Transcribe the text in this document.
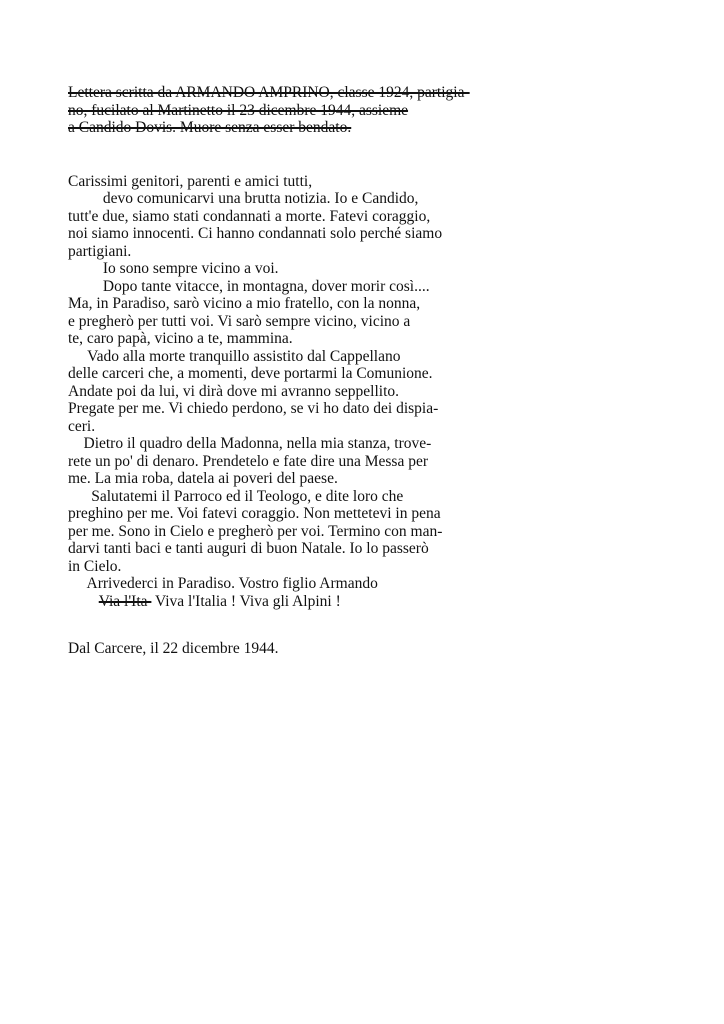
Lettera scritta da ARMANDO AMPRINO, classe 1924, partigia-
no, fucilato al Martinetto il 23 dicembre 1944, assieme
a Candido Dovis. Muore senza esser bendato.
Carissimi genitori, parenti e amici tutti,
devo comunicarvi una brutta notizia. Io e Candido,
tutt'e due, siamo stati condannati a morte. Fatevi coraggio,
noi siamo innocenti. Ci hanno condannati solo perché siamo
partigiani.
Io sono sempre vicino a voi.
Dopo tante vitacce, in montagna, dover morir così....
Ma, in Paradiso, sarò vicino a mio fratello, con la nonna,
e pregherò per tutti voi. Vi sarò sempre vicino, vicino a
te, caro papà, vicino a te, mammina.
Vado alla morte tranquillo assistito dal Cappellano
delle carceri che, a momenti, deve portarmi la Comunione.
Andate poi da lui, vi dirà dove mi avranno seppellito.
Pregate per me. Vi chiedo perdono, se vi ho dato dei dispia-
ceri.
Dietro il quadro della Madonna, nella mia stanza, trove-
rete un po' di denaro. Prendetelo e fate dire una Messa per
me. La mia roba, datela ai poveri del paese.
Salutatemi il Parroco ed il Teologo, e dite loro che
preghino per me. Voi fatevi coraggio. Non mettetevi in pena
per me. Sono in Cielo e pregherò per voi. Termino con man-
darvi tanti baci e tanti auguri di buon Natale. Io lo passerò
in Cielo.
Arrivederci in Paradiso. Vostro figlio Armando
Via l'Ita  Viva l'Italia ! Viva gli Alpini !
Dal Carcere, il 22 dicembre 1944.
